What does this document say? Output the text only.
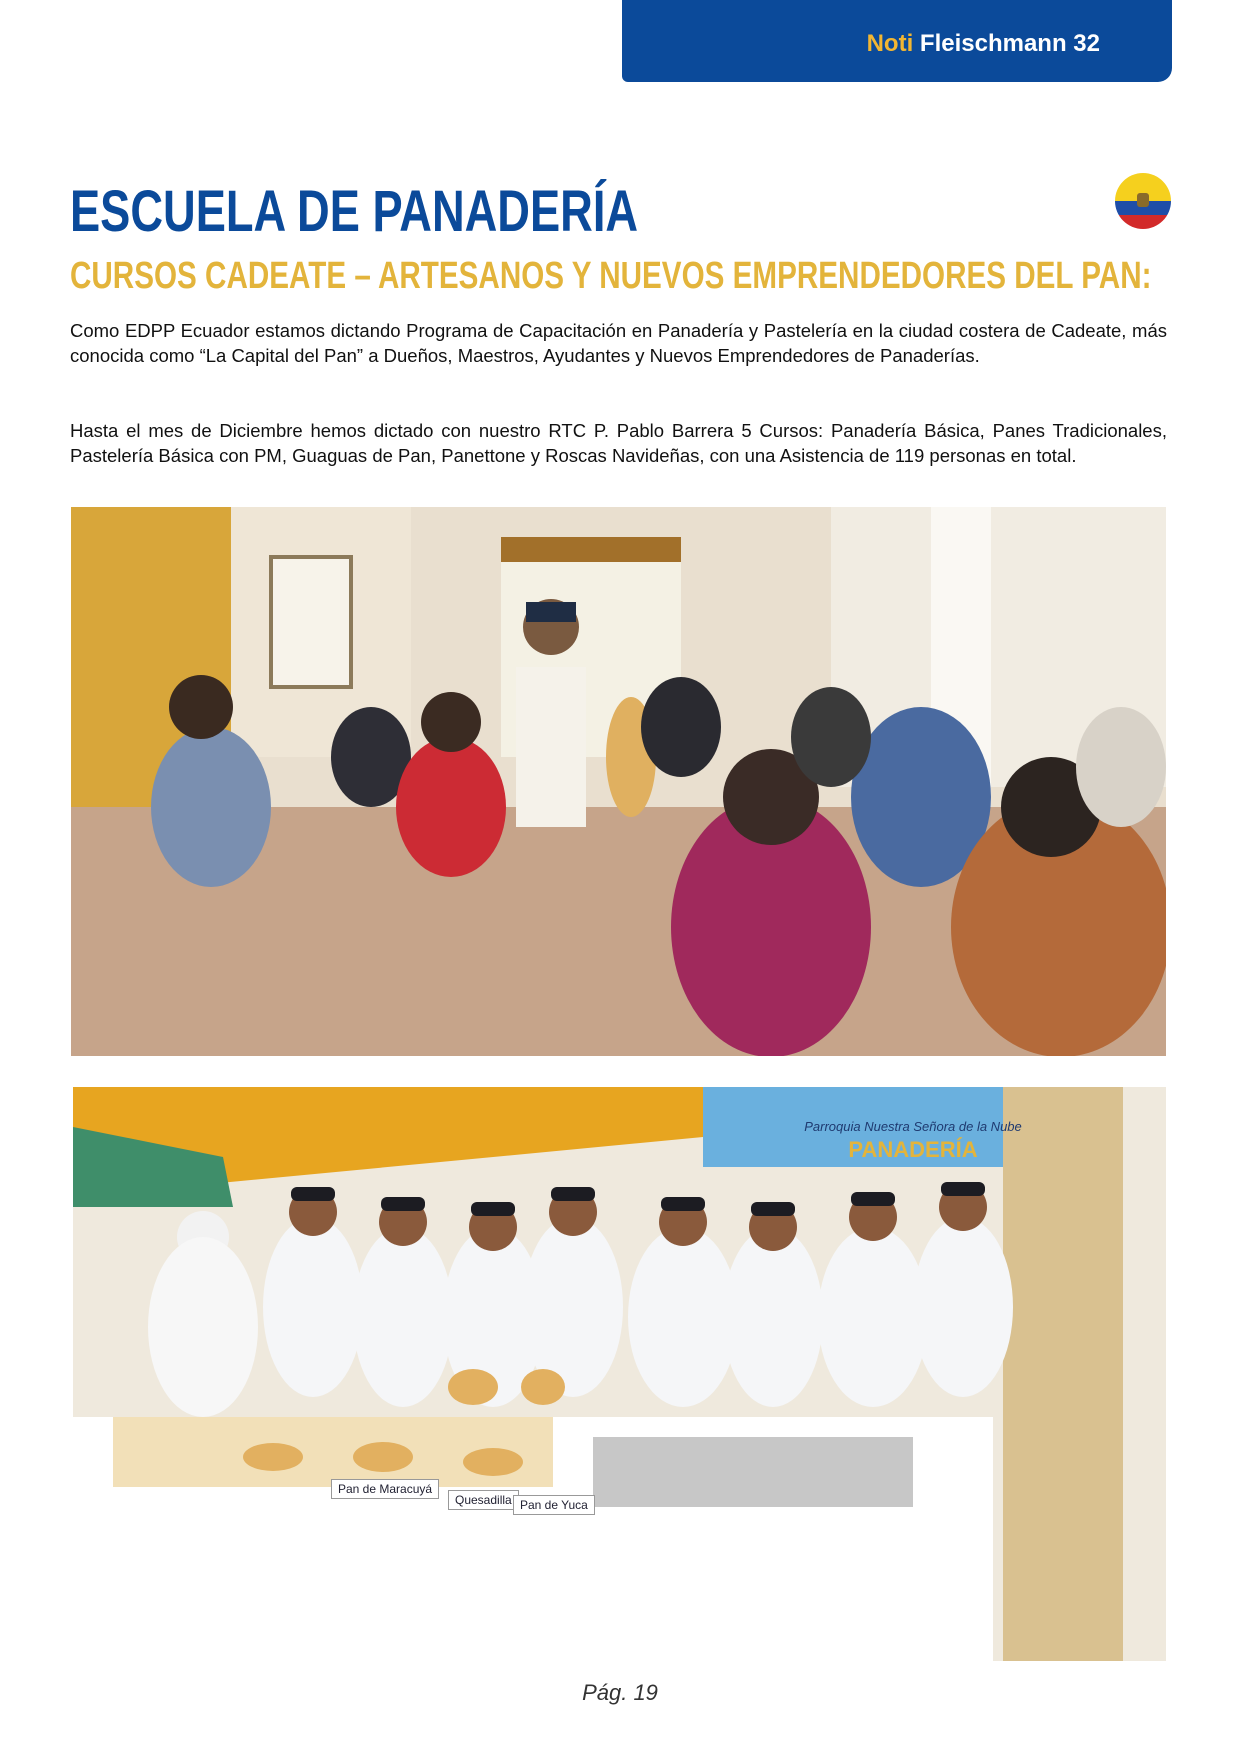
Noti Fleischmann 32
ESCUELA DE PANADERÍA
CURSOS CADEATE – ARTESANOS Y NUEVOS EMPRENDEDORES DEL PAN:

Como EDPP Ecuador estamos dictando Programa de Capacitación en Panadería y Pastelería en la ciudad costera de Cadeate, más conocida como “La Capital del Pan” a Dueños, Maestros, Ayudantes y Nuevos Emprendedores de Panaderías.

Hasta el mes de Diciembre hemos dictado con nuestro RTC P. Pablo Barrera 5 Cursos: Panadería Básica, Panes Tradicionales, Pastelería Básica con PM, Guaguas de Pan, Panettone y Roscas Navideñas, con una Asistencia de 119 personas en total.

Parroquia Nuestra Señora de la Nube
PANADERÍA
Pan de Maracuyá
Quesadilla Pan de Yuca
Pág. 19
